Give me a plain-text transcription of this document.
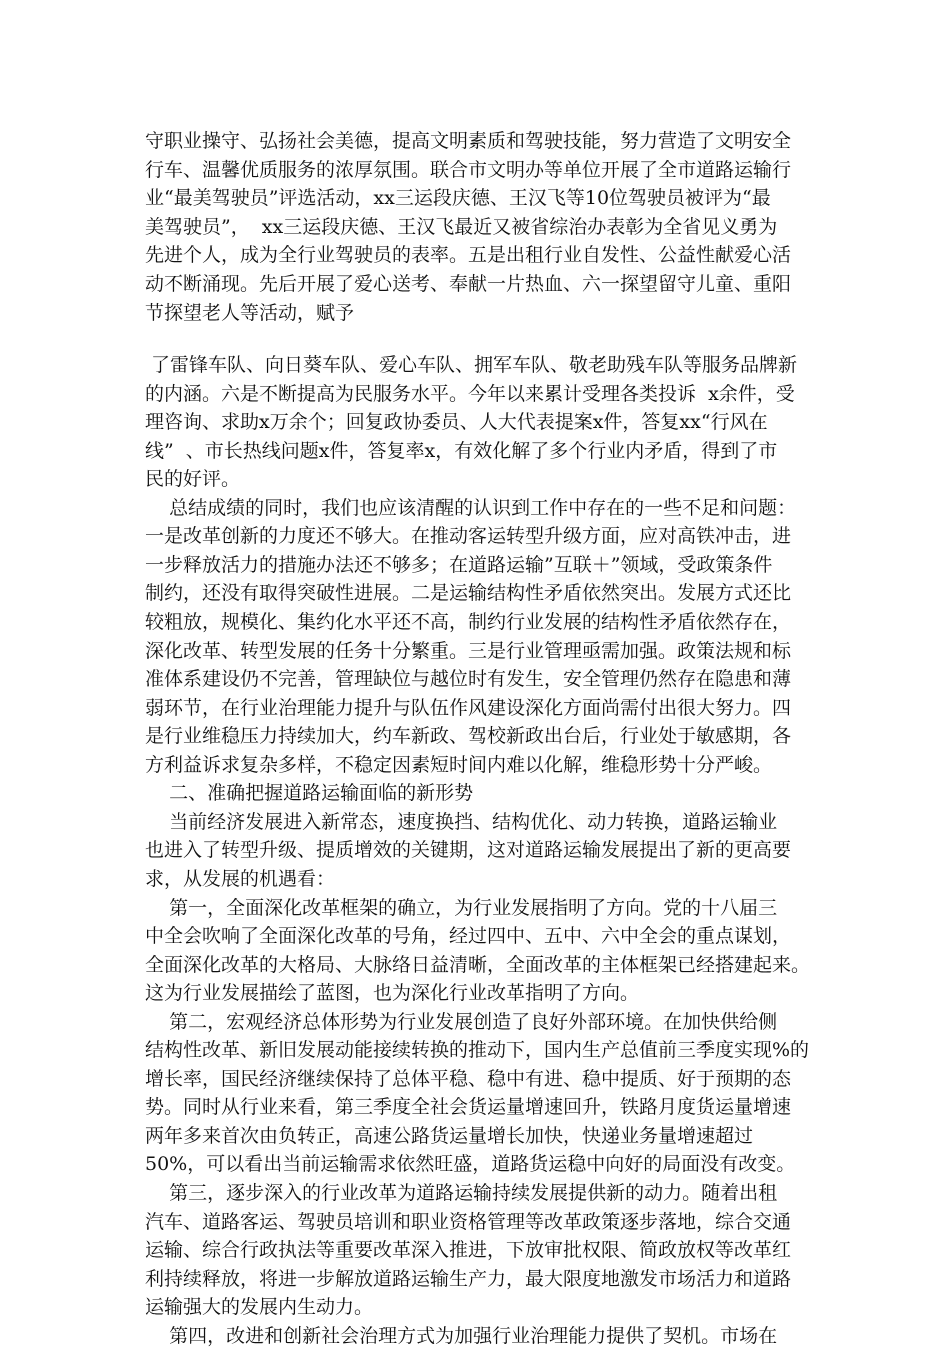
守职业操守、弘扬社会美德，提高文明素质和驾驶技能，努力营造了文明安全
行车、温馨优质服务的浓厚氛围。联合市文明办等单位开展了全市道路运输行
业“最美驾驶员”评选活动，xx三运段庆德、王汉飞等10位驾驶员被评为“最
美驾驶员”，  xx三运段庆德、王汉飞最近又被省综治办表彰为全省见义勇为
先进个人，成为全行业驾驶员的表率。五是出租行业自发性、公益性献爱心活
动不断涌现。先后开展了爱心送考、奉献一片热血、六一探望留守儿童、重阳
节探望老人等活动，赋予
了雷锋车队、向日葵车队、爱心车队、拥军车队、敬老助残车队等服务品牌新
的内涵。六是不断提高为民服务水平。今年以来累计受理各类投诉  x余件，受
理咨询、求助x万余个；回复政协委员、人大代表提案x件，答复xx“行风在
线”  、市长热线问题x件，答复率x，有效化解了多个行业内矛盾，得到了市
民的好评。
总结成绩的同时，我们也应该清醒的认识到工作中存在的一些不足和问题：
一是改革创新的力度还不够大。在推动客运转型升级方面，应对高铁冲击，进
一步释放活力的措施办法还不够多；在道路运输”互联＋”领域，受政策条件
制约，还没有取得突破性进展。二是运输结构性矛盾依然突出。发展方式还比
较粗放，规模化、集约化水平还不高，制约行业发展的结构性矛盾依然存在，
深化改革、转型发展的任务十分繁重。三是行业管理亟需加强。政策法规和标
准体系建设仍不完善，管理缺位与越位时有发生，安全管理仍然存在隐患和薄
弱环节，在行业治理能力提升与队伍作风建设深化方面尚需付出很大努力。四
是行业维稳压力持续加大，约车新政、驾校新政出台后，行业处于敏感期，各
方利益诉求复杂多样，不稳定因素短时间内难以化解，维稳形势十分严峻。
二、准确把握道路运输面临的新形势
当前经济发展进入新常态，速度换挡、结构优化、动力转换，道路运输业
也进入了转型升级、提质增效的关键期，这对道路运输发展提出了新的更高要
求，从发展的机遇看：
第一，全面深化改革框架的确立，为行业发展指明了方向。党的十八届三
中全会吹响了全面深化改革的号角，经过四中、五中、六中全会的重点谋划，
全面深化改革的大格局、大脉络日益清晰，全面改革的主体框架已经搭建起来。
这为行业发展描绘了蓝图，也为深化行业改革指明了方向。
第二，宏观经济总体形势为行业发展创造了良好外部环境。在加快供给侧
结构性改革、新旧发展动能接续转换的推动下，国内生产总值前三季度实现%的
增长率，国民经济继续保持了总体平稳、稳中有进、稳中提质、好于预期的态
势。同时从行业来看，第三季度全社会货运量增速回升，铁路月度货运量增速
两年多来首次由负转正，高速公路货运量增长加快，快递业务量增速超过
50%，可以看出当前运输需求依然旺盛，道路货运稳中向好的局面没有改变。
第三，逐步深入的行业改革为道路运输持续发展提供新的动力。随着出租
汽车、道路客运、驾驶员培训和职业资格管理等改革政策逐步落地，综合交通
运输、综合行政执法等重要改革深入推进，下放审批权限、简政放权等改革红
利持续释放，将进一步解放道路运输生产力，最大限度地激发市场活力和道路
运输强大的发展内生动力。
第四，改进和创新社会治理方式为加强行业治理能力提供了契机。市场在
